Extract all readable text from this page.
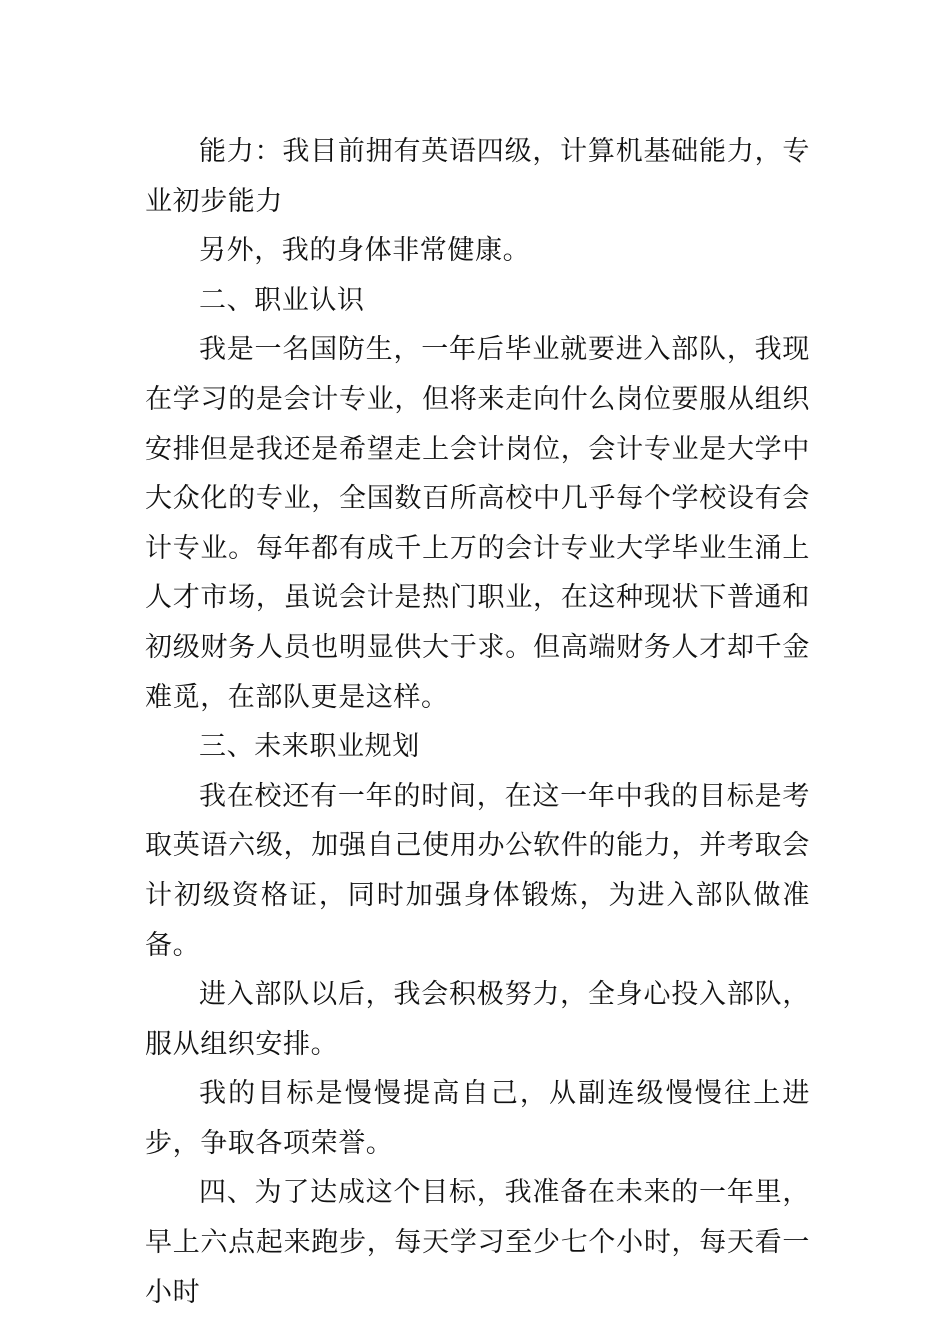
能力：我目前拥有英语四级，计算机基础能力，专业初步能力

另外，我的身体非常健康。

二、职业认识

我是一名国防生，一年后毕业就要进入部队，我现在学习的是会计专业，但将来走向什么岗位要服从组织安排但是我还是希望走上会计岗位，会计专业是大学中大众化的专业，全国数百所高校中几乎每个学校设有会计专业。每年都有成千上万的会计专业大学毕业生涌上人才市场，虽说会计是热门职业，在这种现状下普通和初级财务人员也明显供大于求。但高端财务人才却千金难觅，在部队更是这样。

三、未来职业规划

我在校还有一年的时间，在这一年中我的目标是考取英语六级，加强自己使用办公软件的能力，并考取会计初级资格证，同时加强身体锻炼，为进入部队做准备。

进入部队以后，我会积极努力，全身心投入部队，服从组织安排。

我的目标是慢慢提高自己，从副连级慢慢往上进步，争取各项荣誉。

四、为了达成这个目标，我准备在未来的一年里，早上六点起来跑步，每天学习至少七个小时，每天看一小时
